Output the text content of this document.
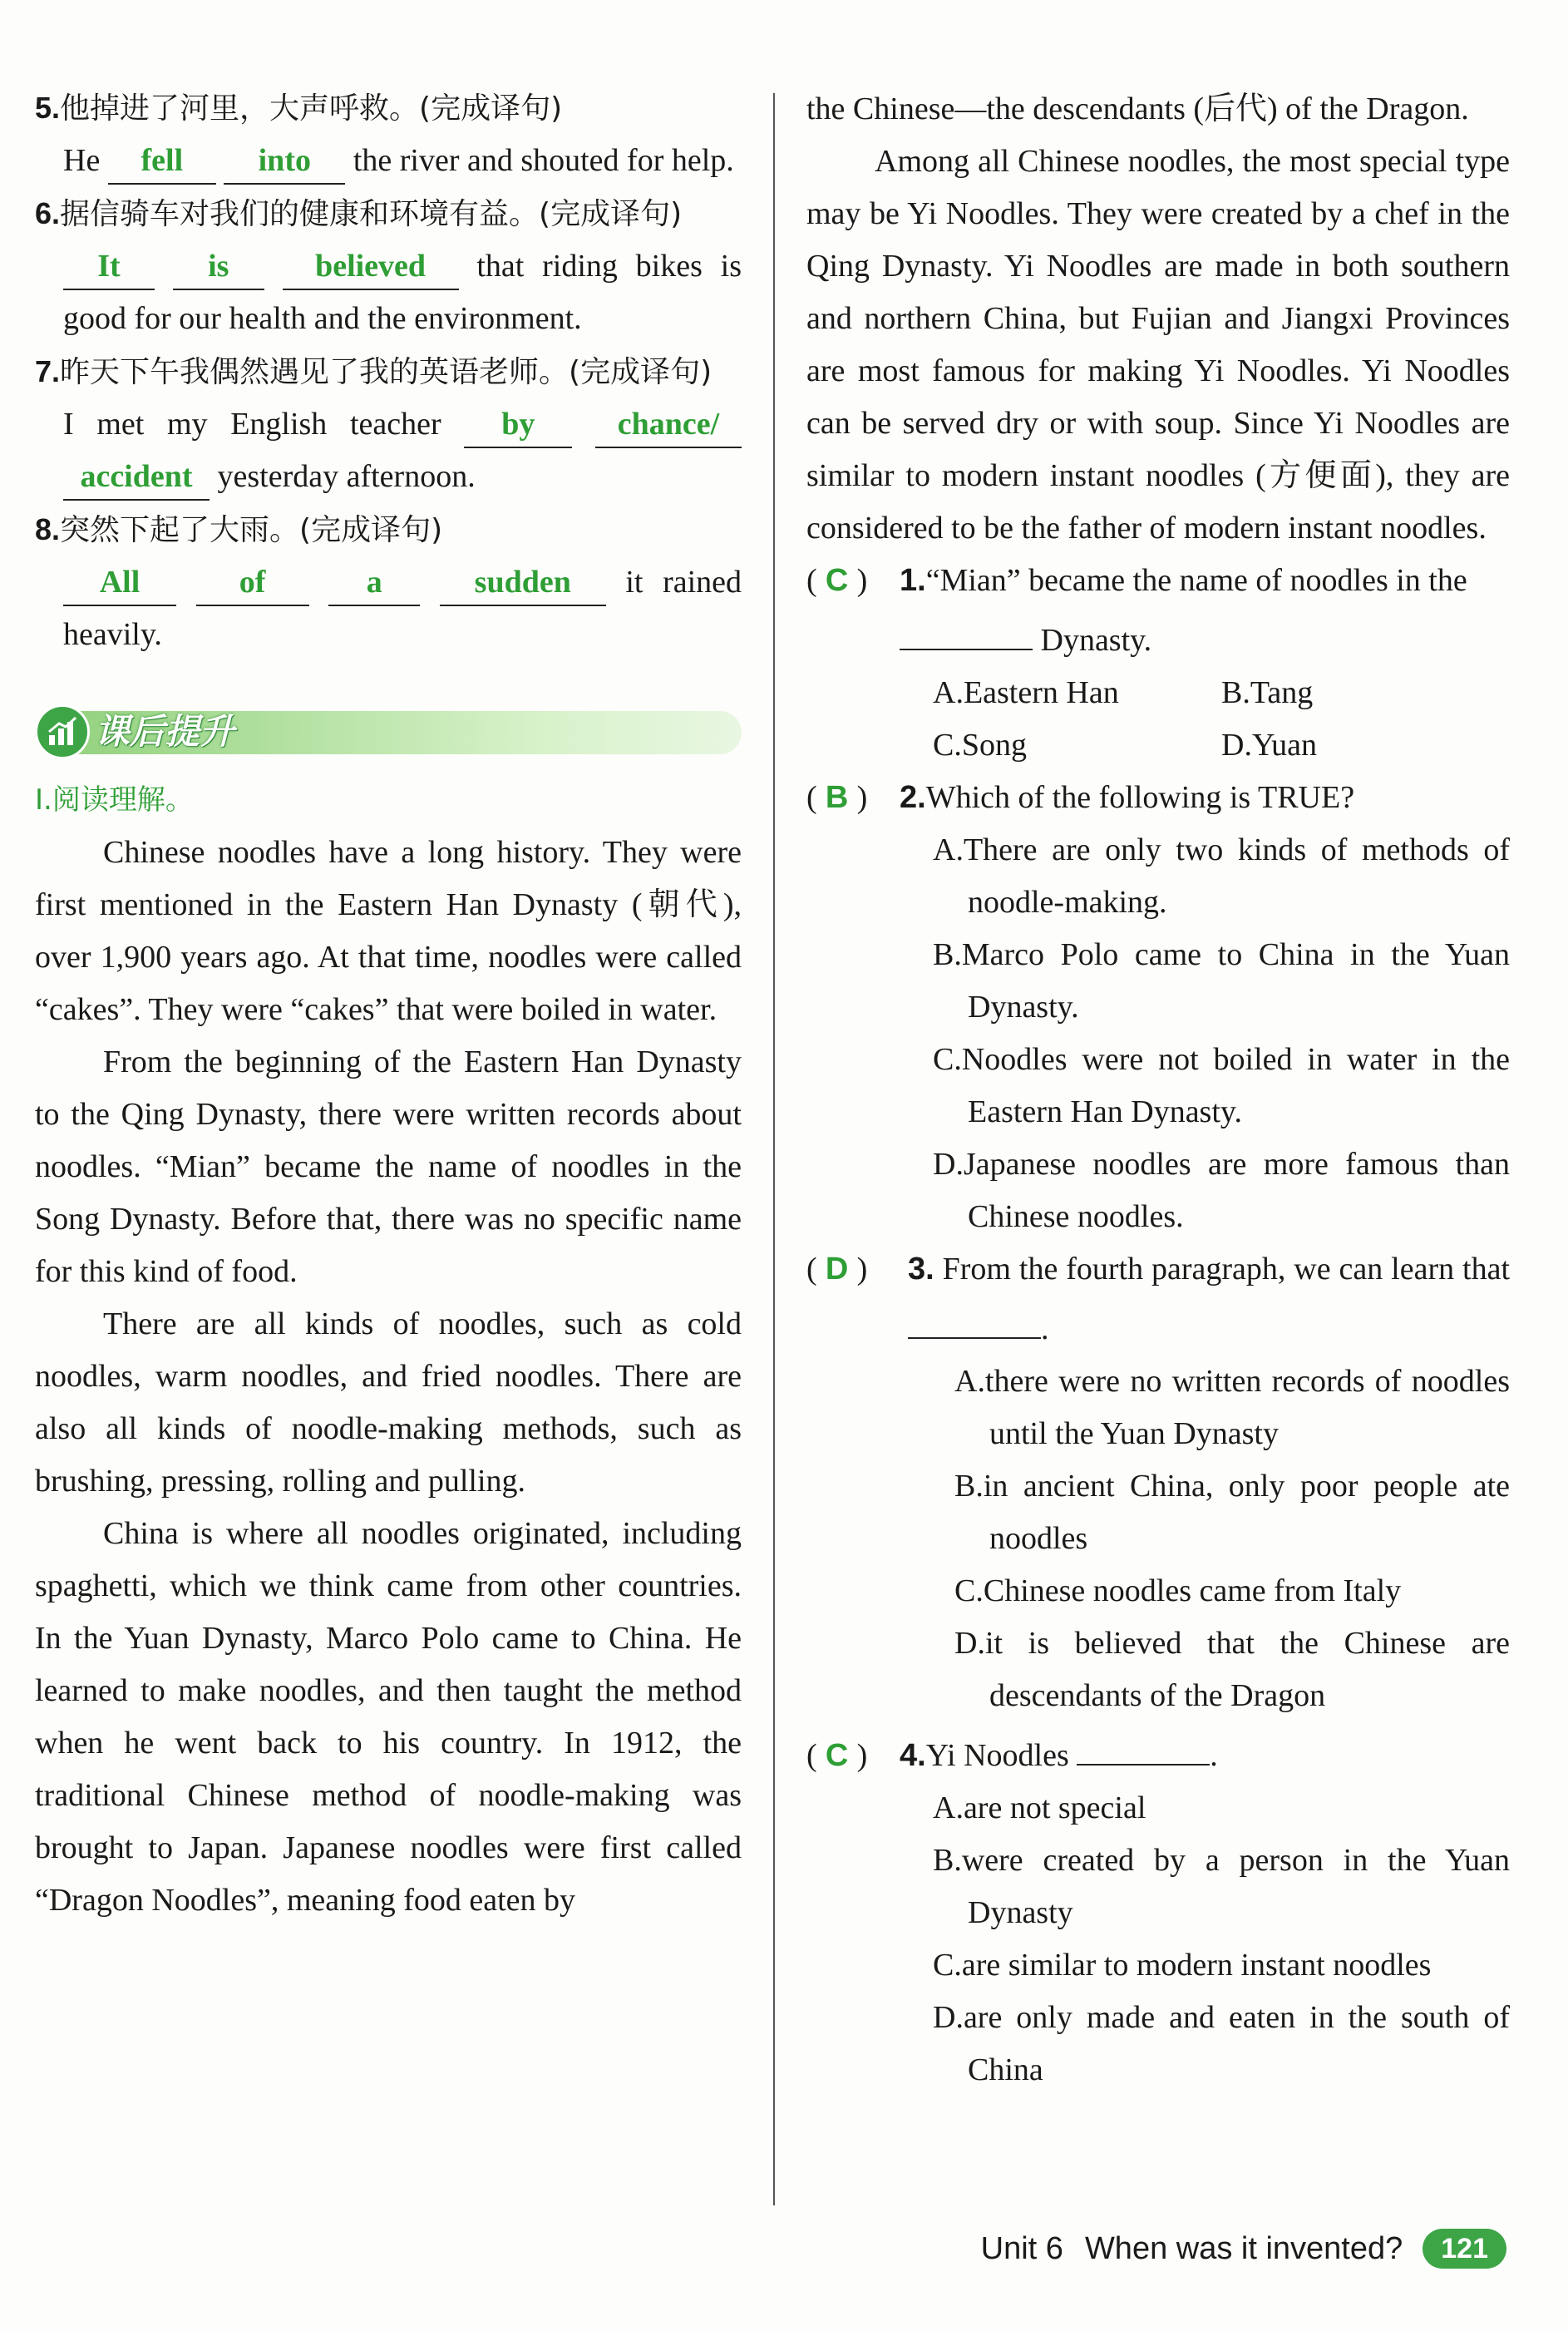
5.他掉进了河里，大声呼救。(完成译句)
He fell into the river and shouted for help.
6.据信骑车对我们的健康和环境有益。(完成译句)
It	is	believed that riding bikes is good for our health and the environment.
7.昨天下午我偶然遇见了我的英语老师。(完成译句)
I met my English teacher by	chance/ accident yesterday afternoon.
8.突然下起了大雨。(完成译句)
All	of	a	sudden it rained heavily.
课后提升
Ⅰ.阅读理解。
Chinese noodles have a long history. They were first mentioned in the Eastern Han Dynasty (朝代), over 1,900 years ago. At that time, noodles were called “cakes”. They were “cakes” that were boiled in water.
From the beginning of the Eastern Han Dynasty to the Qing Dynasty, there were written records about noodles. “Mian” became the name of noodles in the Song Dynasty. Before that, there was no specific name for this kind of food.
There are all kinds of noodles, such as cold noodles, warm noodles, and fried noodles. There are also all kinds of noodle-making methods, such as brushing, pressing, rolling and pulling.
China is where all noodles originated, including spaghetti, which we think came from other countries. In the Yuan Dynasty, Marco Polo came to China. He learned to make noodles, and then taught the method when he went back to his country. In 1912, the traditional Chinese method of noodle-making was brought to Japan. Japanese noodles were first called “Dragon Noodles”, meaning food eaten by
the Chinese—the descendants (后代) of the Dragon.
Among all Chinese noodles, the most special type may be Yi Noodles. They were created by a chef in the Qing Dynasty. Yi Noodles are made in both southern and northern China, but Fujian and Jiangxi Provinces are most famous for making Yi Noodles. Yi Noodles can be served dry or with soup. Since Yi Noodles are similar to modern instant noodles (方便面), they are considered to be the father of modern instant noodles.
( C )	1.“Mian” became the name of noodles in the  Dynasty.
A.Eastern Han	B.Tang
C.Song	D.Yuan
( B )	2.Which of the following is TRUE?
A.There are only two kinds of methods of noodle-making.
B.Marco Polo came to China in the Yuan Dynasty.
C.Noodles were not boiled in water in the Eastern Han Dynasty.
D.Japanese noodles are more famous than Chinese noodles.
( D )	3. From the fourth paragraph, we can learn that .
A.there were no written records of noodles until the Yuan Dynasty
B.in ancient China, only poor people ate noodles
C.Chinese noodles came from Italy
D.it is believed that the Chinese are descendants of the Dragon
( C )	4.Yi Noodles	.
A.are not special
B.were created by a person in the Yuan Dynasty
C.are similar to modern instant noodles
D.are only made and eaten in the south of China
Unit 6 When was it invented?	121
